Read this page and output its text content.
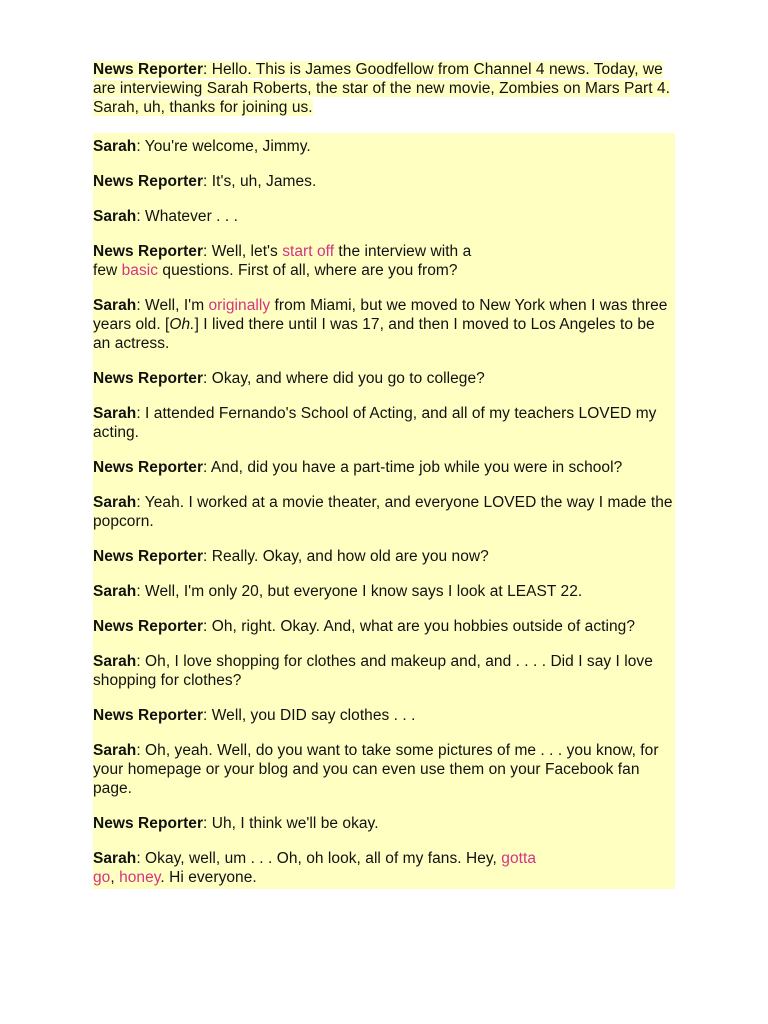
News Reporter: Hello. This is James Goodfellow from Channel 4 news. Today, we are interviewing Sarah Roberts, the star of the new movie, Zombies on Mars Part 4. Sarah, uh, thanks for joining us.

Sarah: You're welcome, Jimmy.

News Reporter: It's, uh, James.

Sarah: Whatever . . .

News Reporter: Well, let's start off the interview with a
few basic questions. First of all, where are you from?

Sarah: Well, I'm originally from Miami, but we moved to New York when I was three years old. [Oh.] I lived there until I was 17, and then I moved to Los Angeles to be an actress.

News Reporter: Okay, and where did you go to college?

Sarah: I attended Fernando's School of Acting, and all of my teachers LOVED my acting.

News Reporter: And, did you have a part-time job while you were in school?

Sarah: Yeah. I worked at a movie theater, and everyone LOVED the way I made the popcorn.

News Reporter: Really. Okay, and how old are you now?

Sarah: Well, I'm only 20, but everyone I know says I look at LEAST 22.

News Reporter: Oh, right. Okay. And, what are you hobbies outside of acting?

Sarah: Oh, I love shopping for clothes and makeup and, and . . . . Did I say I love shopping for clothes?

News Reporter: Well, you DID say clothes . . .

Sarah: Oh, yeah. Well, do you want to take some pictures of me . . . you know, for your homepage or your blog and you can even use them on your Facebook fan page.

News Reporter: Uh, I think we'll be okay.

Sarah: Okay, well, um . . . Oh, oh look, all of my fans. Hey, gotta
go, honey. Hi everyone.
